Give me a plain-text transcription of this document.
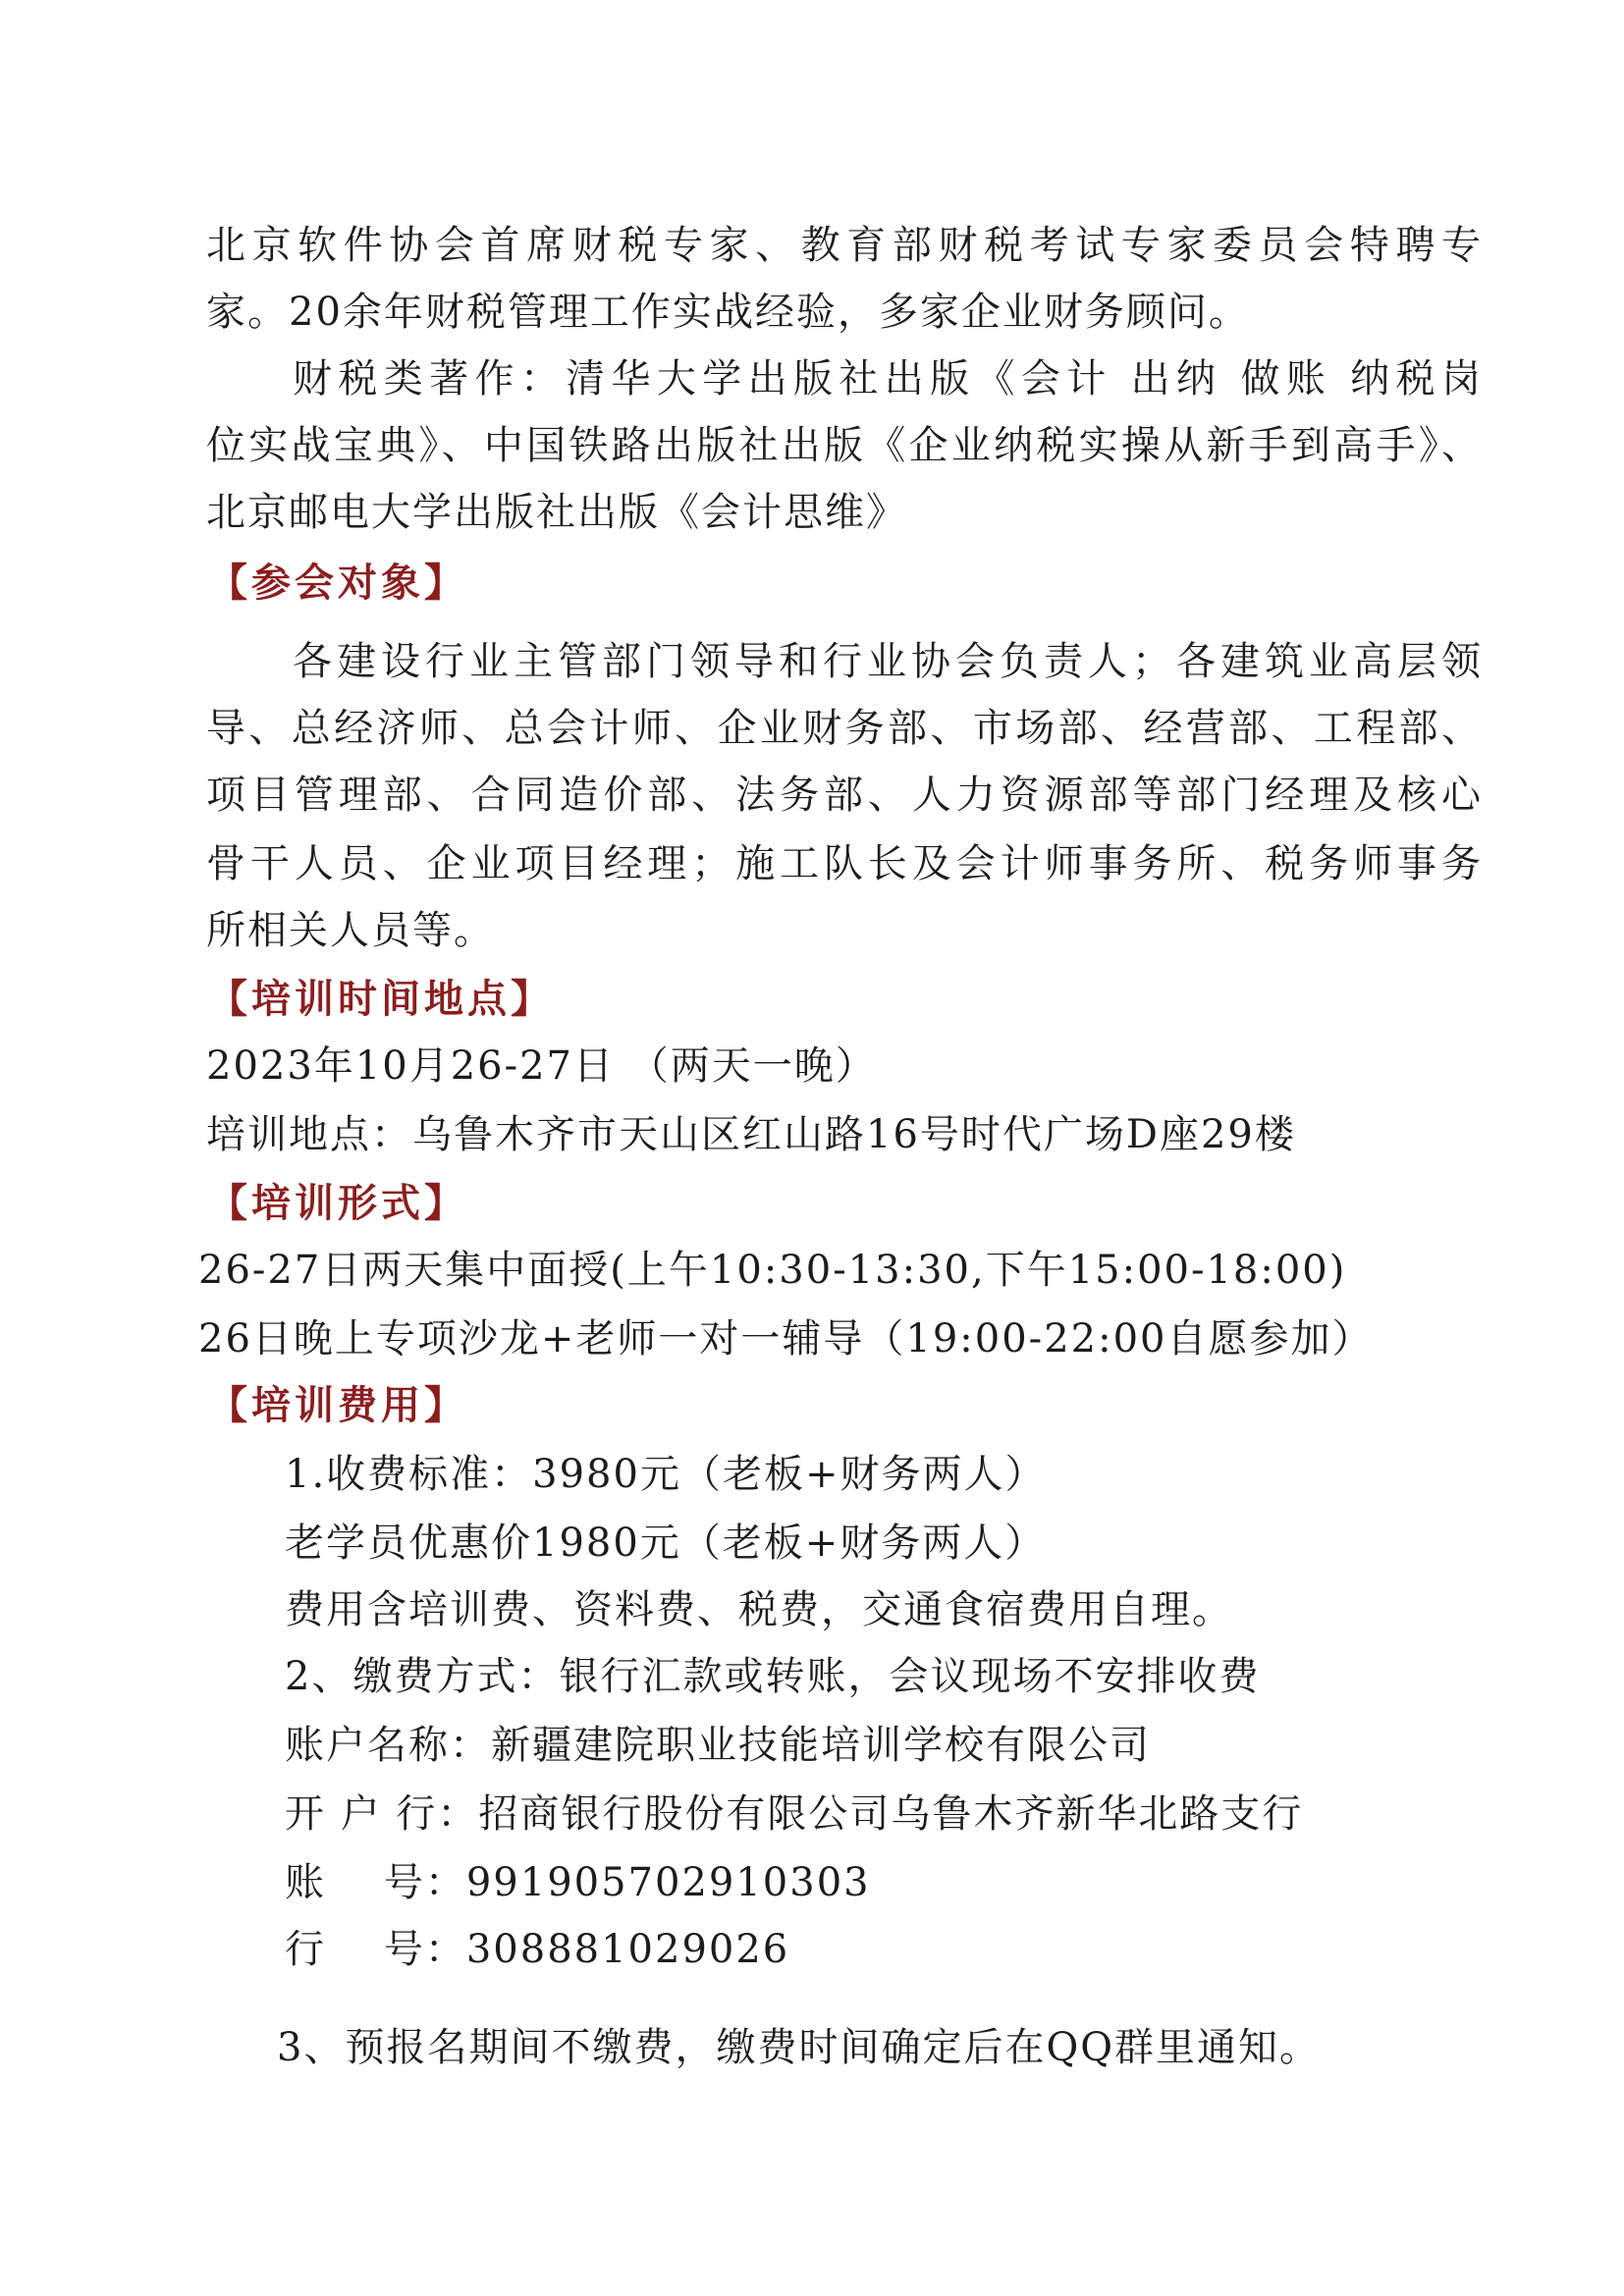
北京软件协会首席财税专家、教育部财税考试专家委员会特聘专
家。20余年财税管理工作实战经验，多家企业财务顾问。
财税类著作：清华大学出版社出版《会计 出纳 做账 纳税岗
位实战宝典》、中国铁路出版社出版《企业纳税实操从新手到高手》、
北京邮电大学出版社出版《会计思维》
【参会对象】
各建设行业主管部门领导和行业协会负责人；各建筑业高层领
导、总经济师、总会计师、企业财务部、市场部、经营部、工程部、
项目管理部、合同造价部、法务部、人力资源部等部门经理及核心
骨干人员、企业项目经理；施工队长及会计师事务所、税务师事务
所相关人员等。
【培训时间地点】
2023年10月26-27日 （两天一晚）
培训地点：乌鲁木齐市天山区红山路16号时代广场D座29楼
【培训形式】
26-27日两天集中面授(上午10:30-13:30,下午15:00-18:00)
26日晚上专项沙龙+老师一对一辅导（19:00-22:00自愿参加）
【培训费用】
1.收费标准：3980元（老板+财务两人）
老学员优惠价1980元（老板+财务两人）
费用含培训费、资料费、税费，交通食宿费用自理。
2、缴费方式：银行汇款或转账，会议现场不安排收费
账户名称：新疆建院职业技能培训学校有限公司
开 户 行：招商银行股份有限公司乌鲁木齐新华北路支行
账    号：991905702910303
行    号：308881029026
3、预报名期间不缴费，缴费时间确定后在QQ群里通知。
